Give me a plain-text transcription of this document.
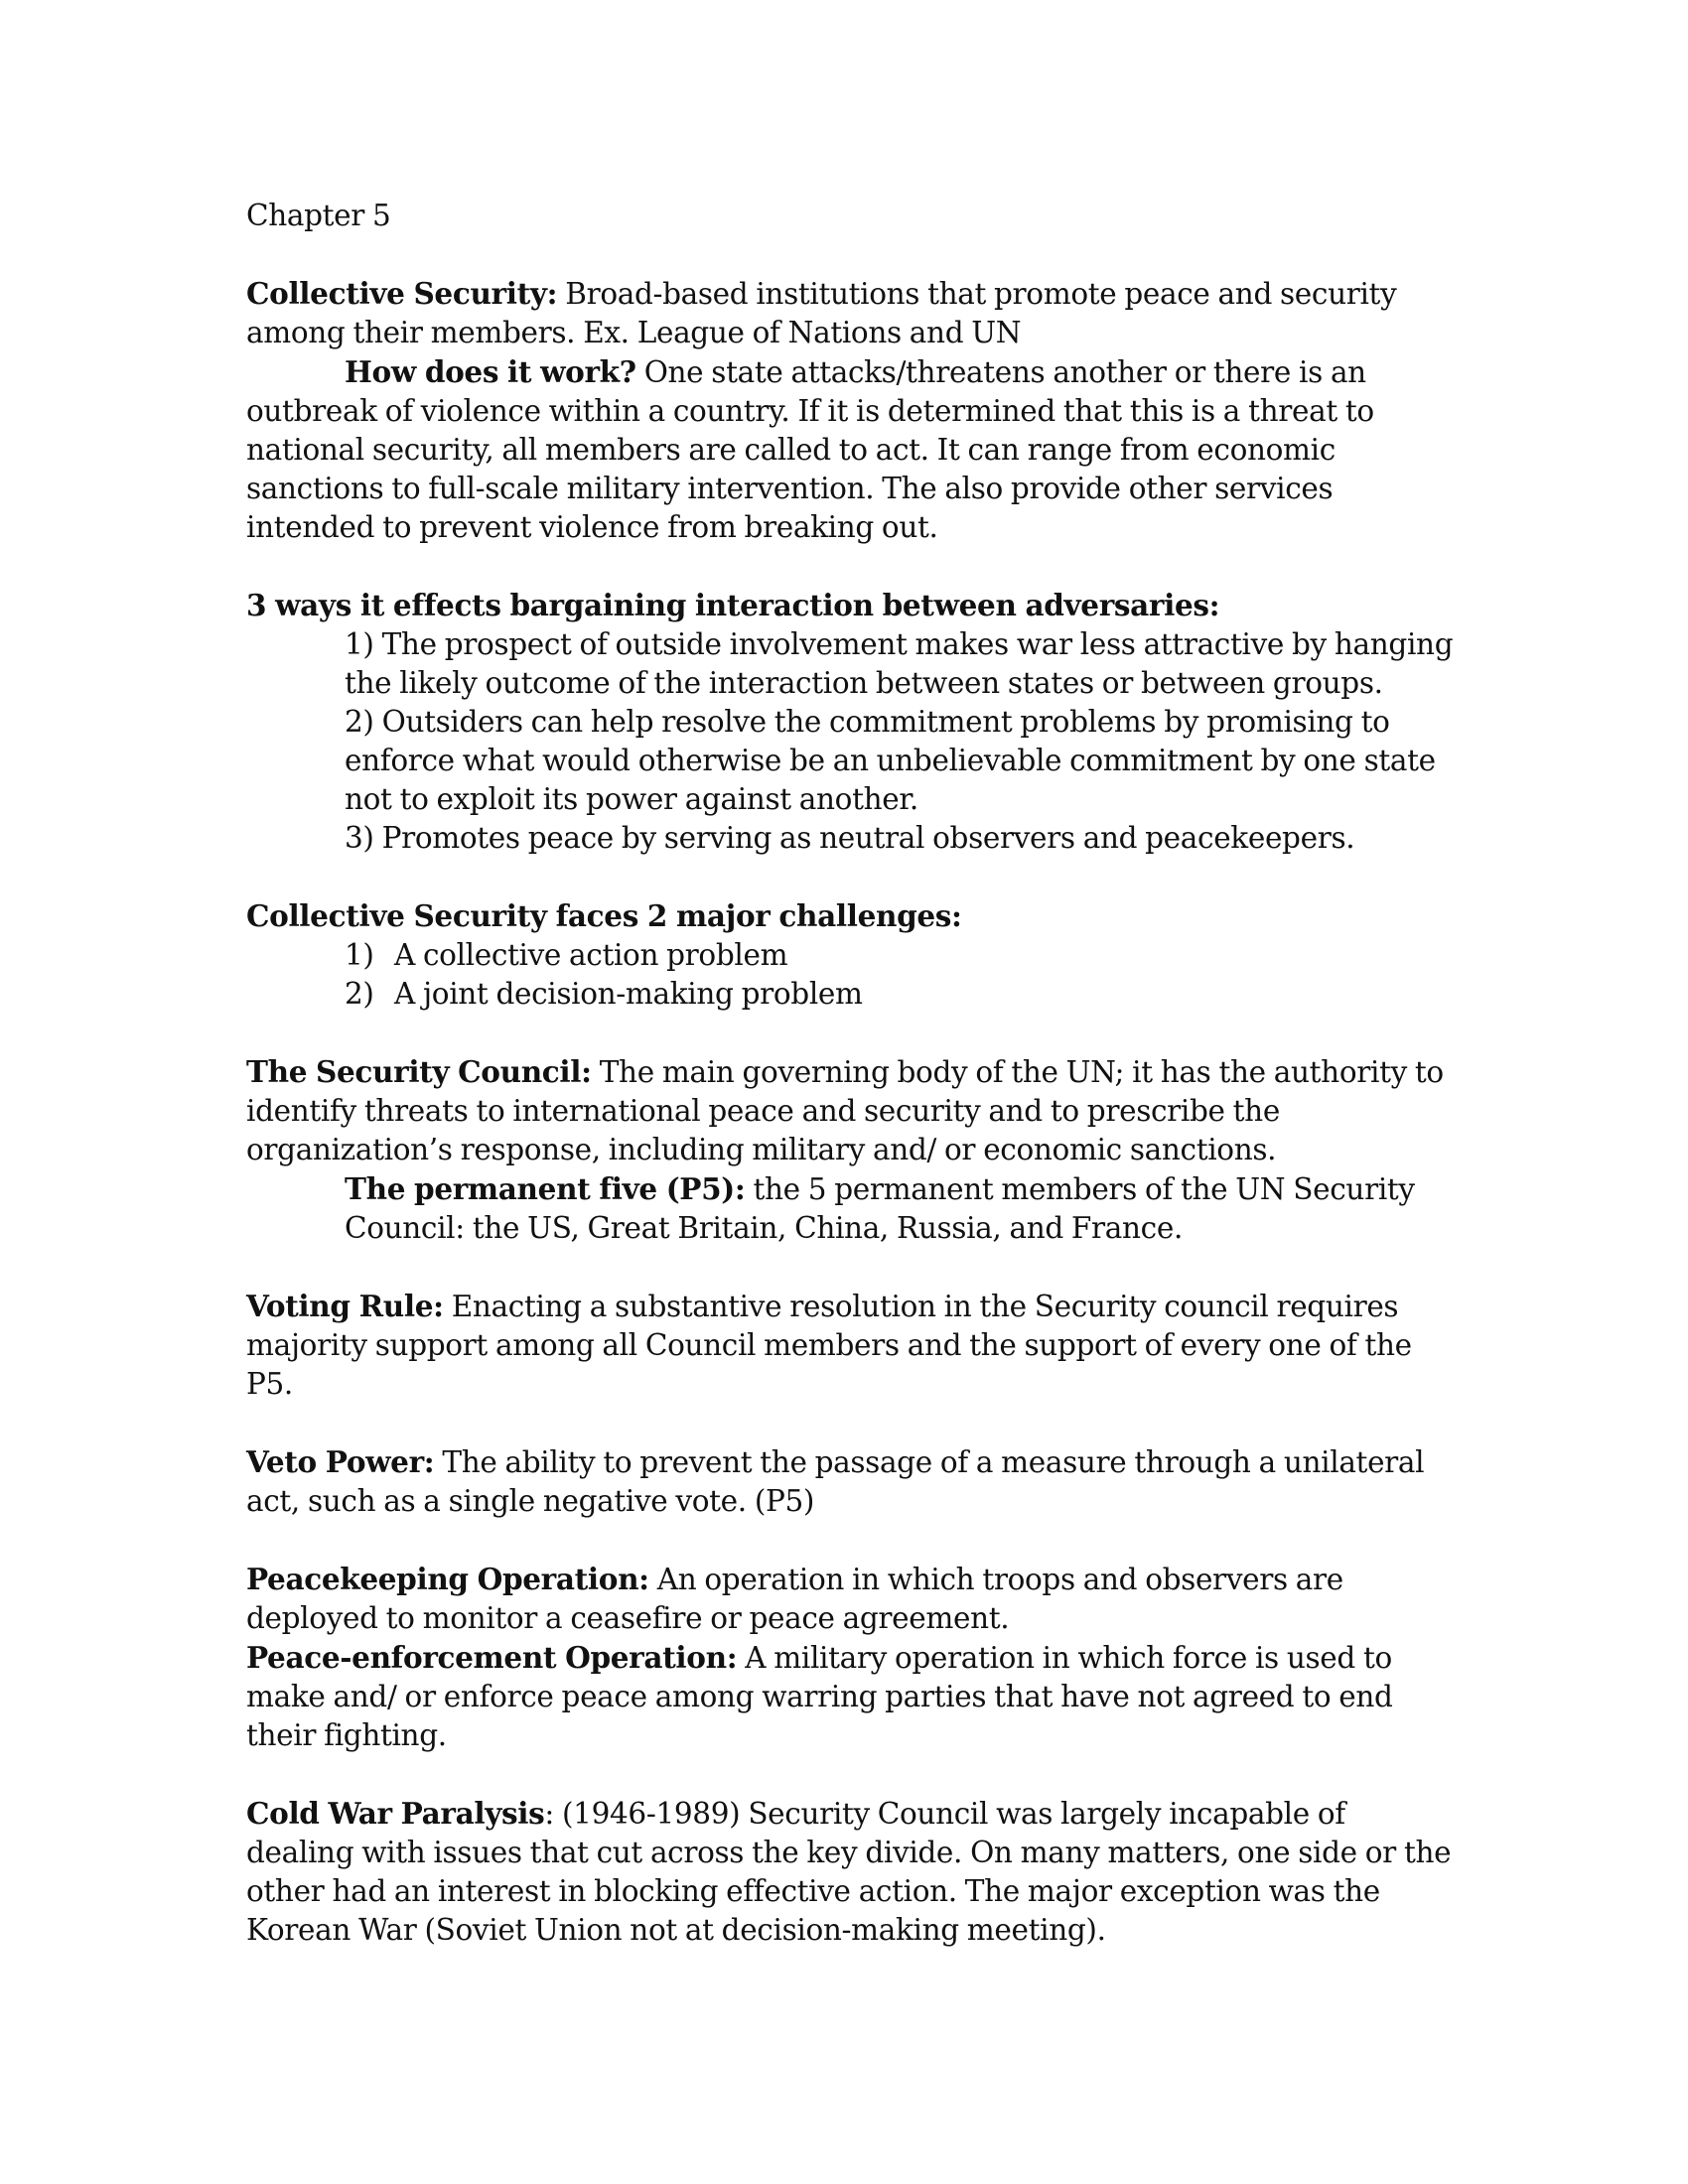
Chapter 5

Collective Security: Broad-based institutions that promote peace and security among their members. Ex. League of Nations and UN

How does it work? One state attacks/threatens another or there is an outbreak of violence within a country. If it is determined that this is a threat to national security, all members are called to act. It can range from economic sanctions to full-scale military intervention. The also provide other services intended to prevent violence from breaking out.

3 ways it effects bargaining interaction between adversaries:

1) The prospect of outside involvement makes war less attractive by hanging the likely outcome of the interaction between states or between groups.

2) Outsiders can help resolve the commitment problems by promising to enforce what would otherwise be an unbelievable commitment by one state not to exploit its power against another.

3) Promotes peace by serving as neutral observers and peacekeepers.

Collective Security faces 2 major challenges:

1) A collective action problem
2) A joint decision-making problem

The Security Council: The main governing body of the UN; it has the authority to identify threats to international peace and security and to prescribe the organization’s response, including military and/ or economic sanctions.

The permanent five (P5): the 5 permanent members of the UN Security Council: the US, Great Britain, China, Russia, and France.

Voting Rule: Enacting a substantive resolution in the Security council requires majority support among all Council members and the support of every one of the P5.

Veto Power: The ability to prevent the passage of a measure through a unilateral act, such as a single negative vote. (P5)

Peacekeeping Operation: An operation in which troops and observers are deployed to monitor a ceasefire or peace agreement.

Peace-enforcement Operation: A military operation in which force is used to make and/ or enforce peace among warring parties that have not agreed to end their fighting.

Cold War Paralysis: (1946-1989) Security Council was largely incapable of dealing with issues that cut across the key divide. On many matters, one side or the other had an interest in blocking effective action. The major exception was the Korean War (Soviet Union not at decision-making meeting).
